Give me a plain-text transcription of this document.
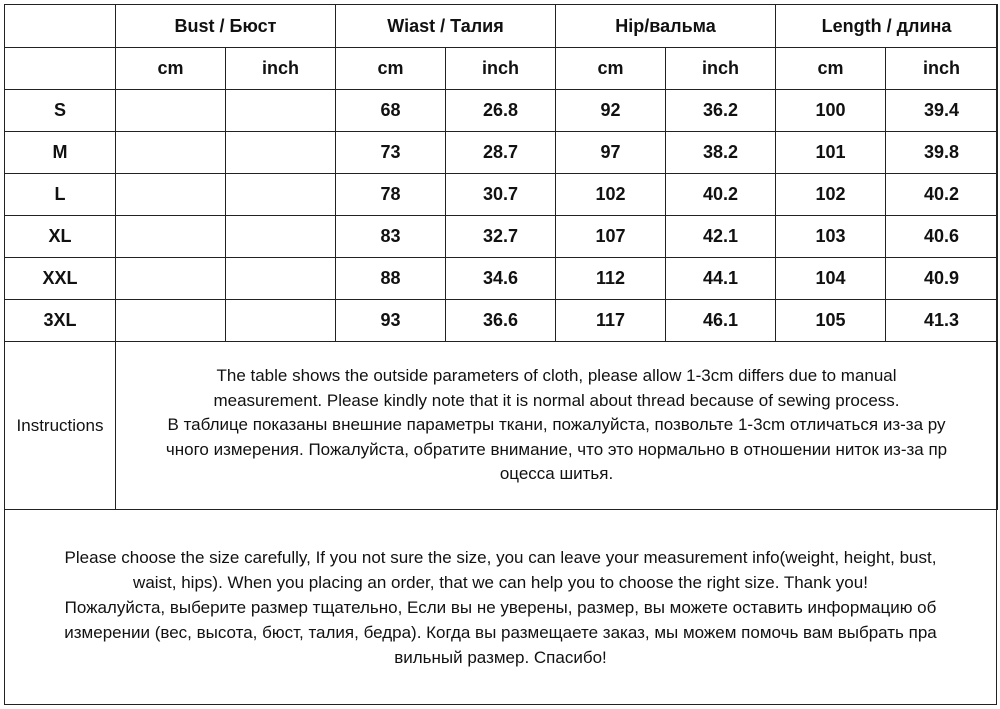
	Bust / Бюст		Wiast / Талия		Hip/вальма		Length / длина	
	cm	inch	cm	inch	cm	inch	cm	inch
S			68	26.8	92	36.2	100	39.4
M			73	28.7	97	38.2	101	39.8
L			78	30.7	102	40.2	102	40.2
XL			83	32.7	107	42.1	103	40.6
XXL			88	34.6	112	44.1	104	40.9
3XL			93	36.6	117	46.1	105	41.3
Instructions	The table shows the outside parameters of cloth, please allow 1-3cm differs due to manual
measurement. Please kindly note that it is normal about thread because of sewing process.
В таблице показаны внешние параметры ткани, пожалуйста, позвольте 1-3cm отличаться из-за ру
чного измерения. Пожалуйста, обратите внимание, что это нормально в отношении ниток из-за пр
оцесса шитья.							
Please choose the size carefully, If you not sure the size, you can leave your measurement info(weight, height, bust,
waist, hips). When you placing an order, that we can help you to choose the right size. Thank you!
Пожалуйста, выберите размер тщательно, Если вы не уверены, размер, вы можете оставить информацию об
измерении (вес, высота, бюст, талия, бедра). Когда вы размещаете заказ, мы можем помочь вам выбрать пра
вильный размер. Спасибо!
